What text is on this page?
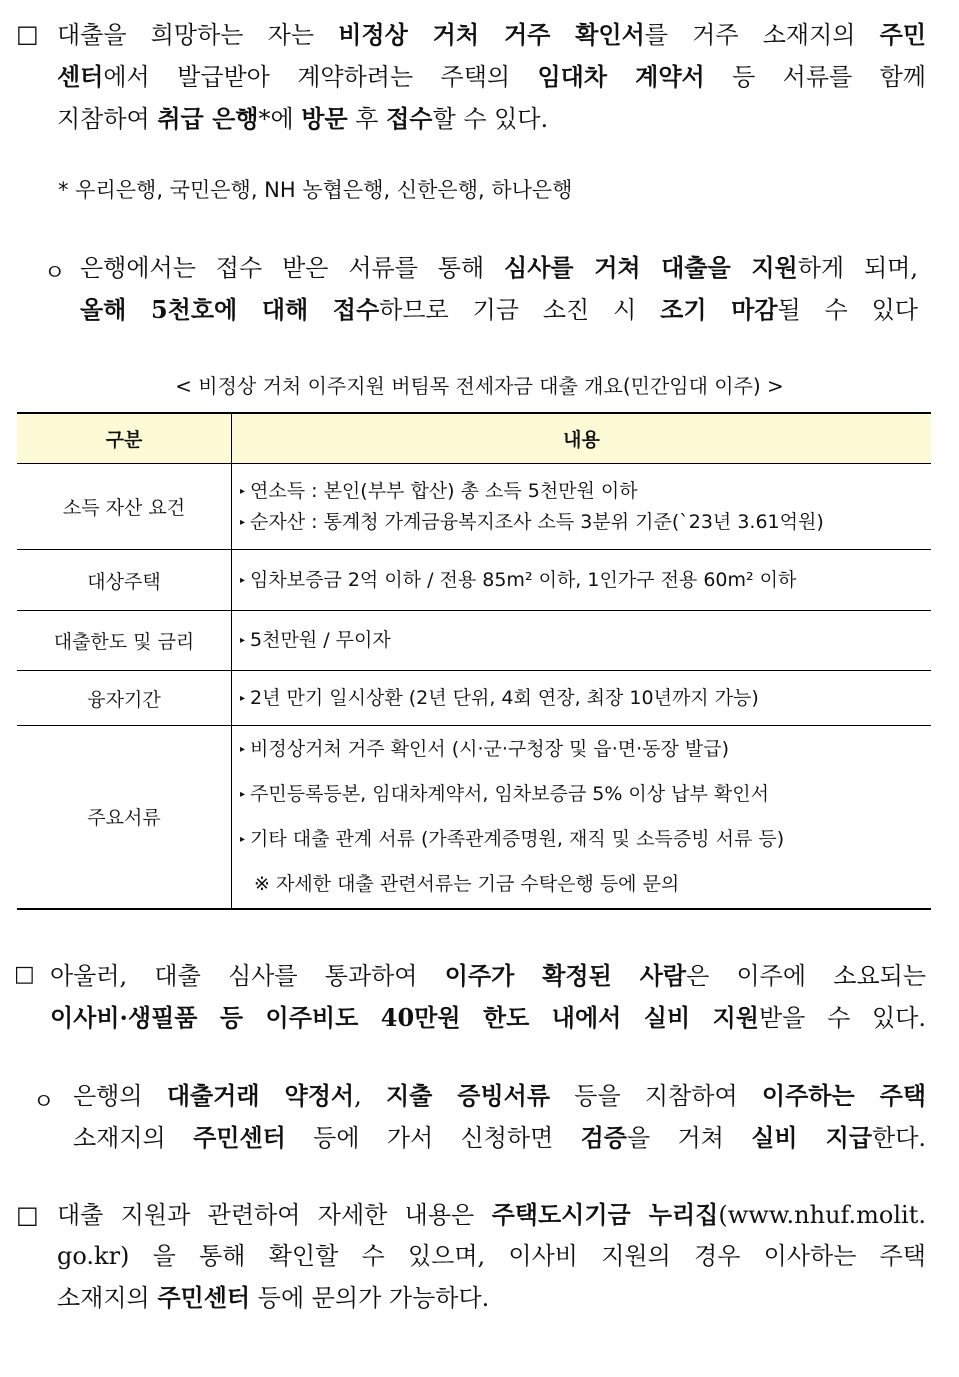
□ 대출을 희망하는 자는 비정상 거처 거주 확인서를 거주 소재지의 주민
센터에서 발급받아 계약하려는 주택의 임대차 계약서 등 서류를 함께
지참하여 취급 은행*에 방문 후 접수할 수 있다.
* 우리은행, 국민은행, NH 농협은행, 신한은행, 하나은행
ㅇ 은행에서는 접수 받은 서류를 통해 심사를 거쳐 대출을 지원하게 되며,
올해 5천호에 대해 접수하므로 기금 소진 시 조기 마감될 수 있다
< 비정상 거처 이주지원 버팀목 전세자금 대출 개요(민간임대 이주) >
구분	내용
소득 자산 요건	▸ 연소득 : 본인(부부 합산) 총 소득 5천만원 이하
▸ 순자산 : 통계청 가계금융복지조사 소득 3분위 기준(`23년 3.61억원)

대상주택	▸ 임차보증금 2억 이하 / 전용 85m² 이하, 1인가구 전용 60m² 이하

대출한도 및 금리	▸ 5천만원 / 무이자

융자기간	▸ 2년 만기 일시상환 (2년 단위, 4회 연장, 최장 10년까지 가능)

주요서류	▸ 비정상거처 거주 확인서 (시·군·구청장 및 읍·면·동장 발급)
▸ 주민등록등본, 임대차계약서, 임차보증금 5% 이상 납부 확인서
▸ 기타 대출 관계 서류 (가족관계증명원, 재직 및 소득증빙 서류 등)
※ 자세한 대출 관련서류는 기금 수탁은행 등에 문의
□ 아울러, 대출 심사를 통과하여 이주가 확정된 사람은 이주에 소요되는
이사비·생필품 등 이주비도 40만원 한도 내에서 실비 지원받을 수 있다.
ㅇ 은행의 대출거래 약정서, 지출 증빙서류 등을 지참하여 이주하는 주택
소재지의 주민센터 등에 가서 신청하면 검증을 거쳐 실비 지급한다.
□ 대출 지원과 관련하여 자세한 내용은 주택도시기금 누리집(www.nhuf.molit.
go.kr) 을 통해 확인할 수 있으며, 이사비 지원의 경우 이사하는 주택
소재지의 주민센터 등에 문의가 가능하다.
